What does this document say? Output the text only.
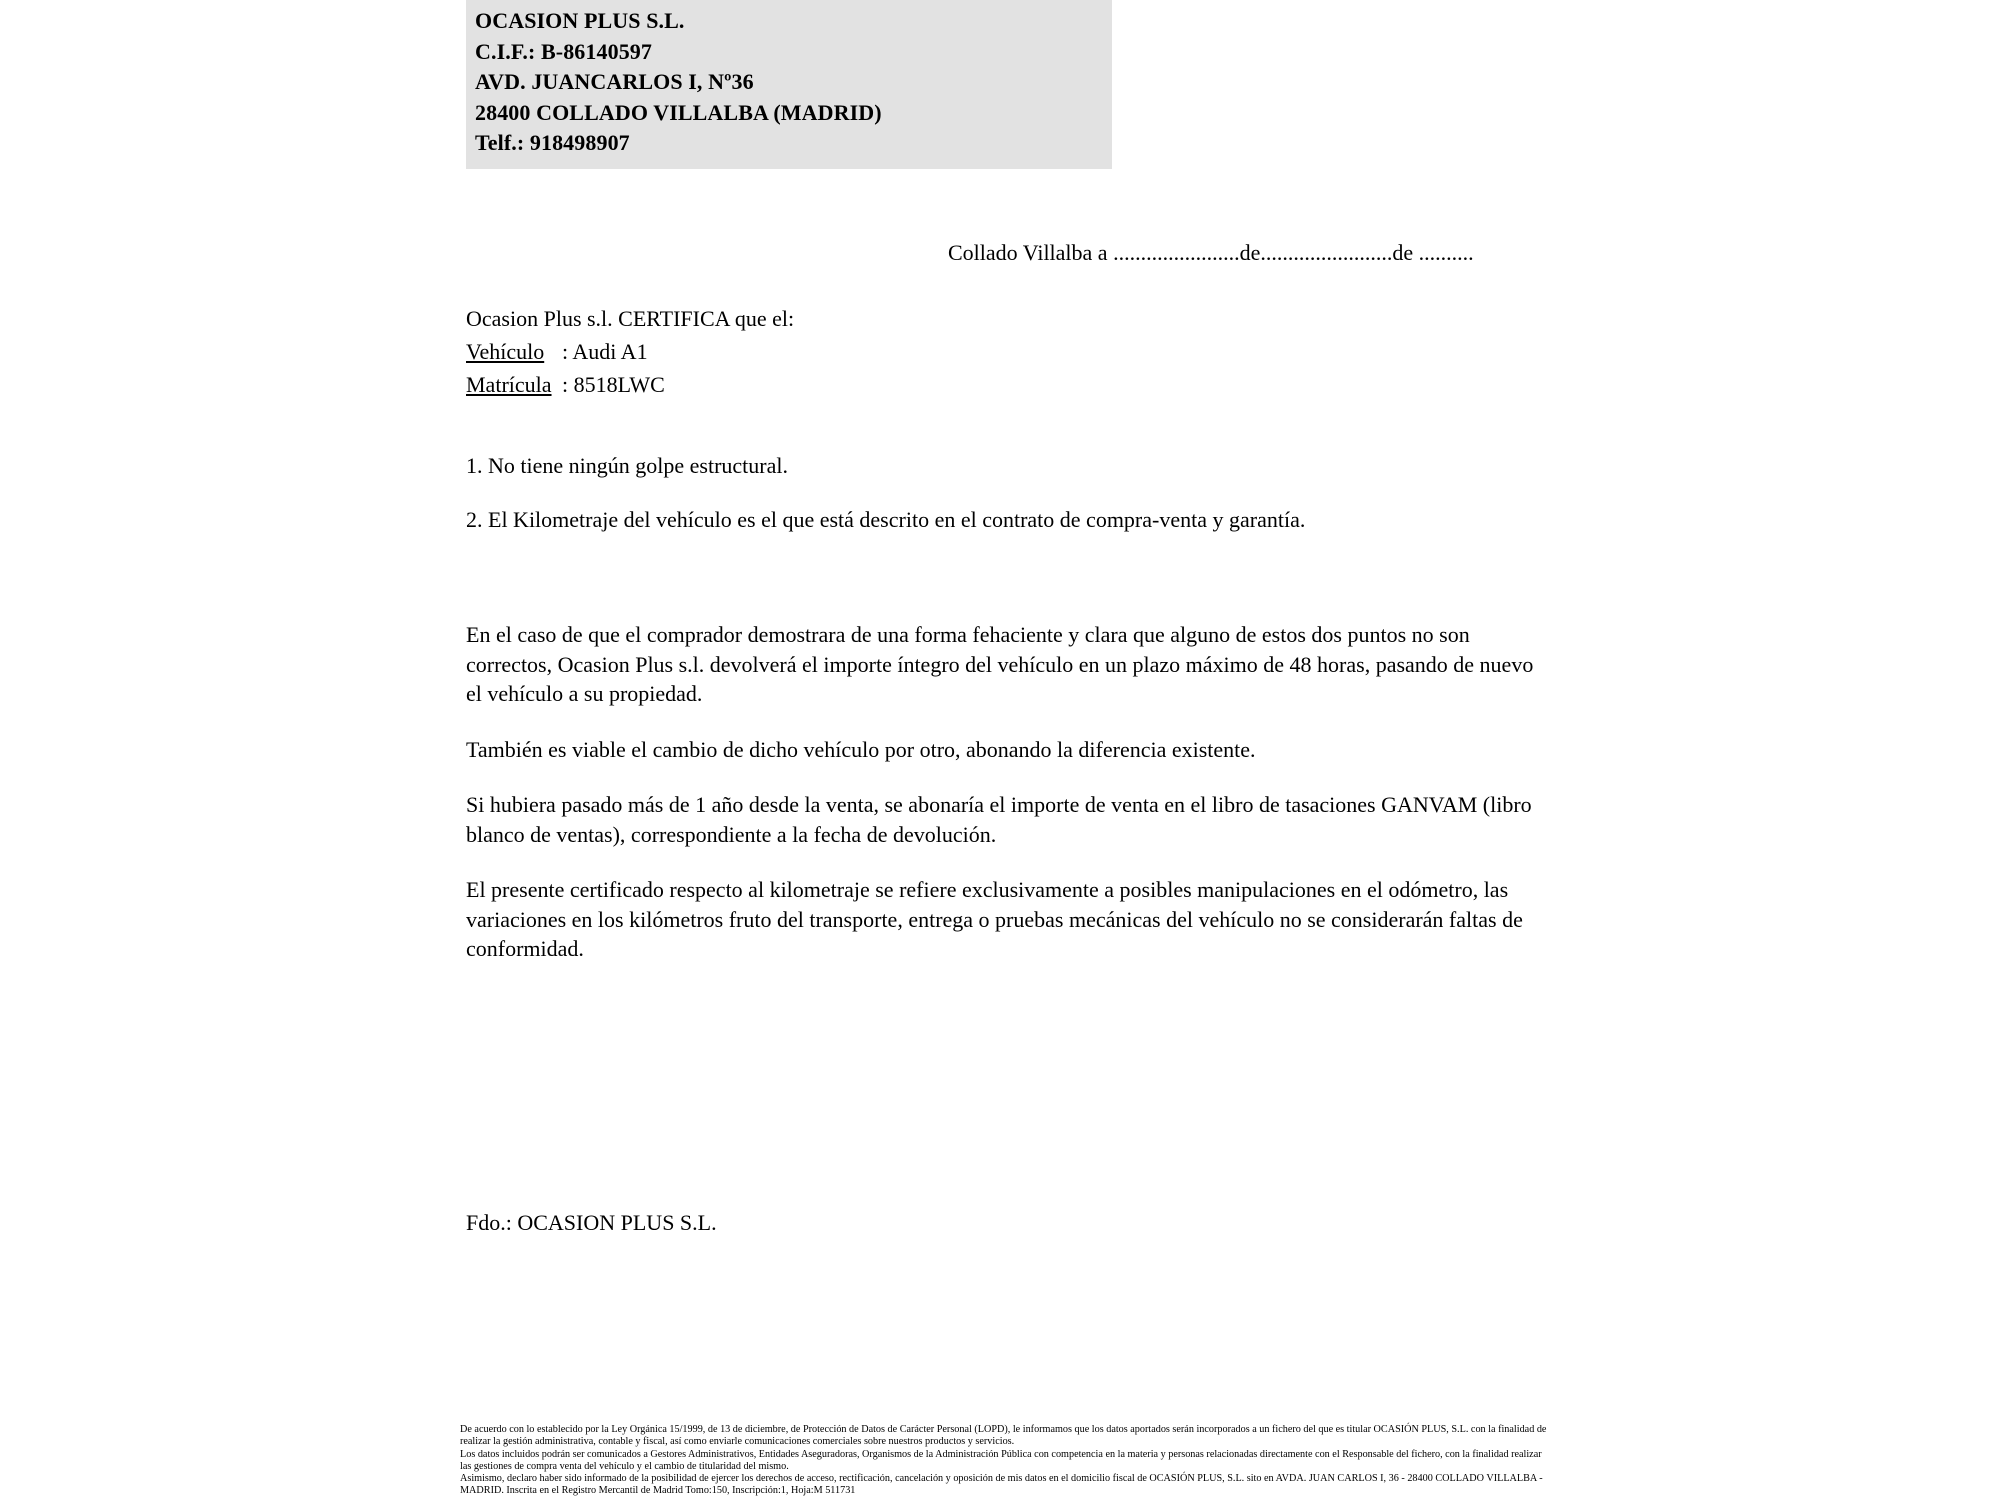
OCASION PLUS S.L.
C.I.F.: B-86140597
AVD. JUANCARLOS I, Nº36
28400 COLLADO VILLALBA (MADRID)
Telf.: 918498907
Collado Villalba a .......................de........................de ..........
Ocasion Plus s.l. CERTIFICA que el:
Vehículo : Audi A1
Matrícula : 8518LWC
1. No tiene ningún golpe estructural.
2. El Kilometraje del vehículo es el que está descrito en el contrato de compra-venta y garantía.

En el caso de que el comprador demostrara de una forma fehaciente y clara que alguno de estos dos puntos no son correctos, Ocasion Plus s.l. devolverá el importe íntegro del vehículo en un plazo máximo de 48 horas, pasando de nuevo el vehículo a su propiedad.

También es viable el cambio de dicho vehículo por otro, abonando la diferencia existente.

Si hubiera pasado más de 1 año desde la venta, se abonaría el importe de venta en el libro de tasaciones GANVAM (libro blanco de ventas), correspondiente a la fecha de devolución.

El presente certificado respecto al kilometraje se refiere exclusivamente a posibles manipulaciones en el odómetro, las variaciones en los kilómetros fruto del transporte, entrega o pruebas mecánicas del vehículo no se considerarán faltas de conformidad.

Fdo.: OCASION PLUS S.L.
De acuerdo con lo establecido por la Ley Orgánica 15/1999, de 13 de diciembre, de Protección de Datos de Carácter Personal (LOPD), le informamos que los datos aportados serán incorporados a un fichero del que es titular OCASIÓN PLUS, S.L. con la finalidad de realizar la gestión administrativa, contable y fiscal, así como enviarle comunicaciones comerciales sobre nuestros productos y servicios.
Los datos incluidos podrán ser comunicados a Gestores Administrativos, Entidades Aseguradoras, Organismos de la Administración Pública con competencia en la materia y personas relacionadas directamente con el Responsable del fichero, con la finalidad realizar las gestiones de compra venta del vehículo y el cambio de titularidad del mismo.
Asimismo, declaro haber sido informado de la posibilidad de ejercer los derechos de acceso, rectificación, cancelación y oposición de mis datos en el domicilio fiscal de OCASIÓN PLUS, S.L. sito en AVDA. JUAN CARLOS I, 36 - 28400 COLLADO VILLALBA - MADRID. Inscrita en el Registro Mercantil de Madrid Tomo:150, Inscripción:1, Hoja:M 511731
